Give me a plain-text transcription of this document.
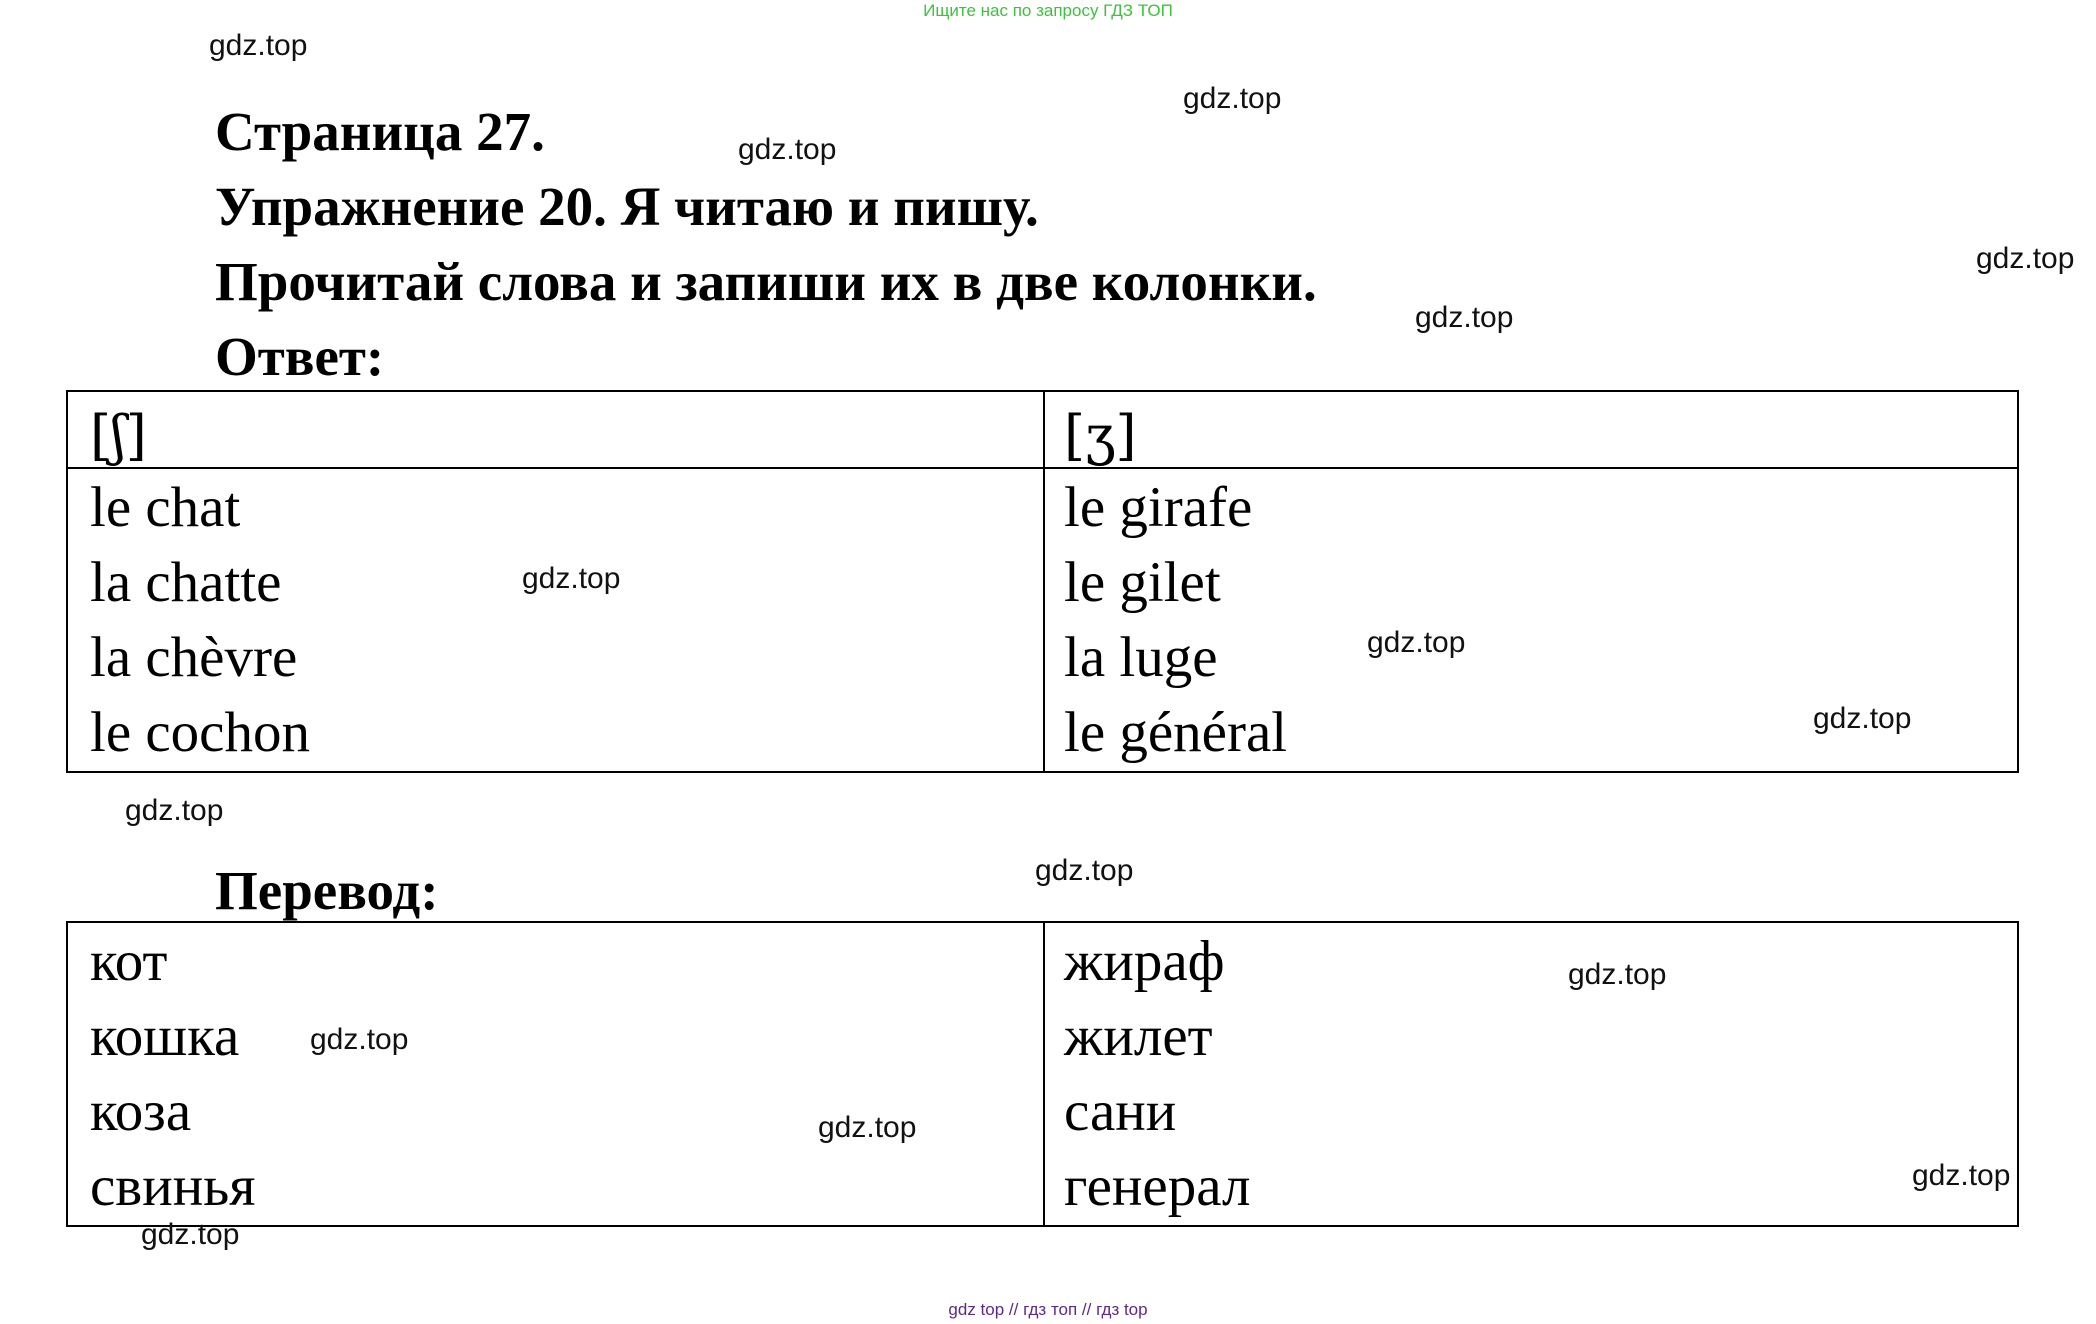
Ищите нас по запросу ГДЗ ТОП
Страница 27.
Упражнение 20. Я читаю и пишу.
Прочитай слова и запиши их в две колонки.
Ответ:
[ʃ]	[ʒ]
le chat
la chatte
la chèvre
le cochon
le girafe
le gilet
la luge
le général
Перевод:
кот
кошка
коза
свинья
жираф
жилет
сани
генерал
gdz.top
gdz.top
gdz.top
gdz.top
gdz.top
gdz.top
gdz.top
gdz.top
gdz.top
gdz.top
gdz.top
gdz.top
gdz.top
gdz.top
gdz.top
gdz top // гдз топ // гдз top
